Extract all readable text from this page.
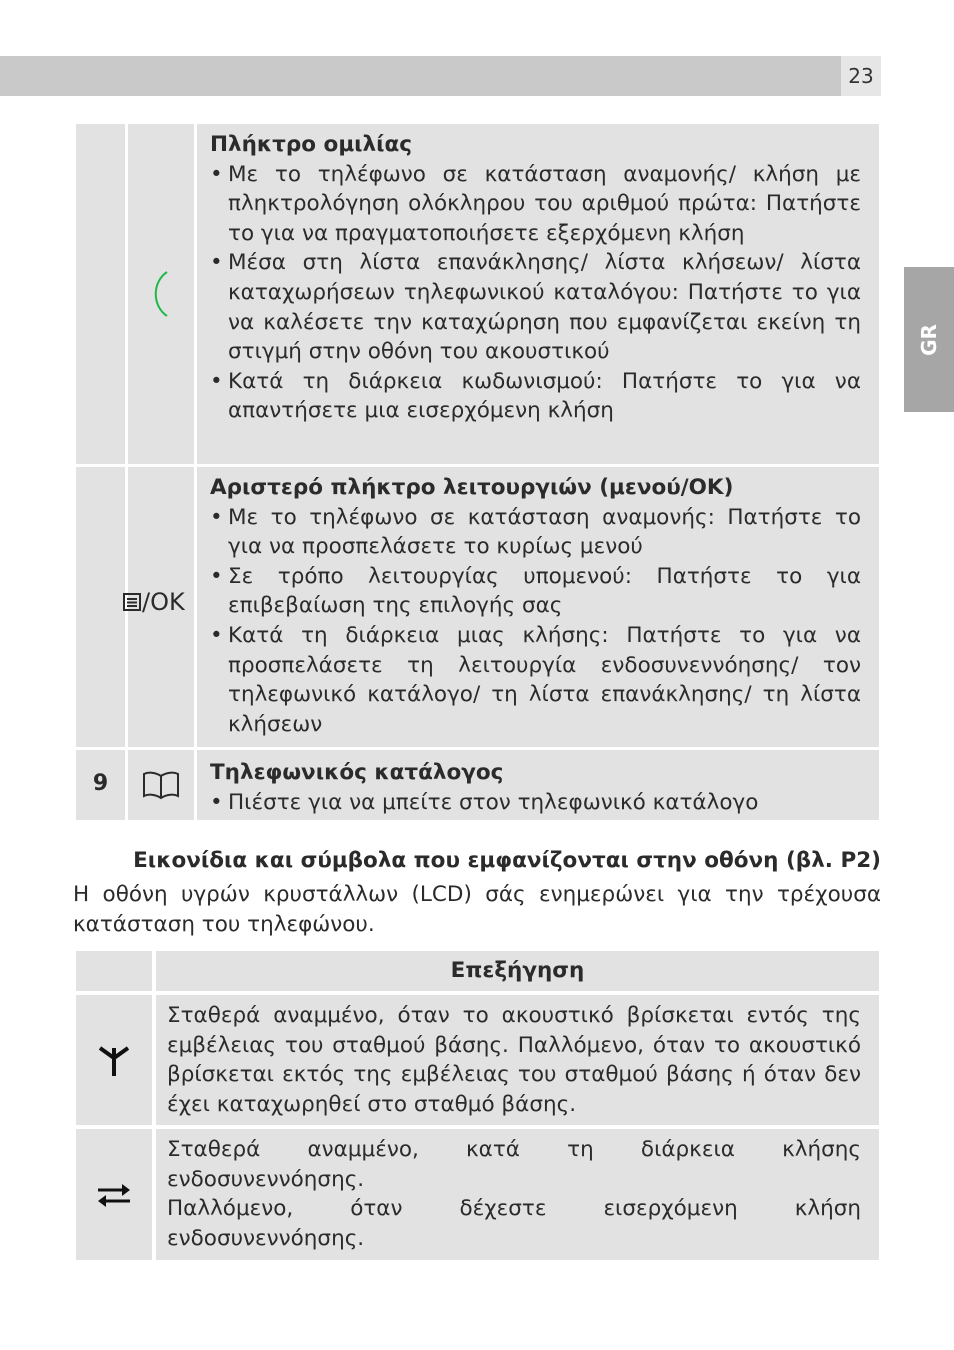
23
GR
Πλήκτρο ομιλίας
• Με το τηλέφωνο σε κατάσταση αναμονής/ κλήση με πληκτρολόγηση ολόκληρου του αριθμού πρώτα: Πατήστε το για να πραγματοποιήσετε εξερχόμενη κλήση
• Μέσα στη λίστα επανάκλησης/ λίστα κλήσεων/ λίστα καταχωρήσεων τηλεφωνικού καταλόγου: Πατήστε το για να καλέσετε την καταχώρηση που εμφανίζεται εκείνη τη στιγμή στην οθόνη του ακουστικού
• Κατά τη διάρκεια κωδωνισμού: Πατήστε το για να απαντήσετε μια εισερχόμενη κλήση
/OK
Αριστερό πλήκτρο λειτουργιών (μενού/OK)
• Με το τηλέφωνο σε κατάσταση αναμονής: Πατήστε το για να προσπελάσετε το κυρίως μενού
• Σε τρόπο λειτουργίας υπομενού: Πατήστε το για επιβεβαίωση της επιλογής σας
• Κατά τη διάρκεια μιας κλήσης: Πατήστε το για να προσπελάσετε τη λειτουργία ενδοσυνεννόησης/ τον τηλεφωνικό κατάλογο/ τη λίστα επανάκλησης/ τη λίστα κλήσεων
9	Τηλεφωνικός κατάλογος
• Πιέστε για να μπείτε στον τηλεφωνικό κατάλογο
Εικονίδια και σύμβολα που εμφανίζονται στην οθόνη (βλ. P2)
Η οθόνη υγρών κρυστάλλων (LCD) σάς ενημερώνει για την τρέχουσα κατάσταση του τηλεφώνου.
Επεξήγηση
Σταθερά αναμμένο, όταν το ακουστικό βρίσκεται εντός της εμβέλειας του σταθμού βάσης. Παλλόμενο, όταν το ακουστικό βρίσκεται εκτός της εμβέλειας του σταθμού βάσης ή όταν δεν έχει καταχωρηθεί στο σταθμό βάσης.
Σταθερά αναμμένο, κατά τη διάρκεια κλήσης ενδοσυνεννόησης.
Παλλόμενο, όταν δέχεστε εισερχόμενη κλήση ενδοσυνεννόησης.
